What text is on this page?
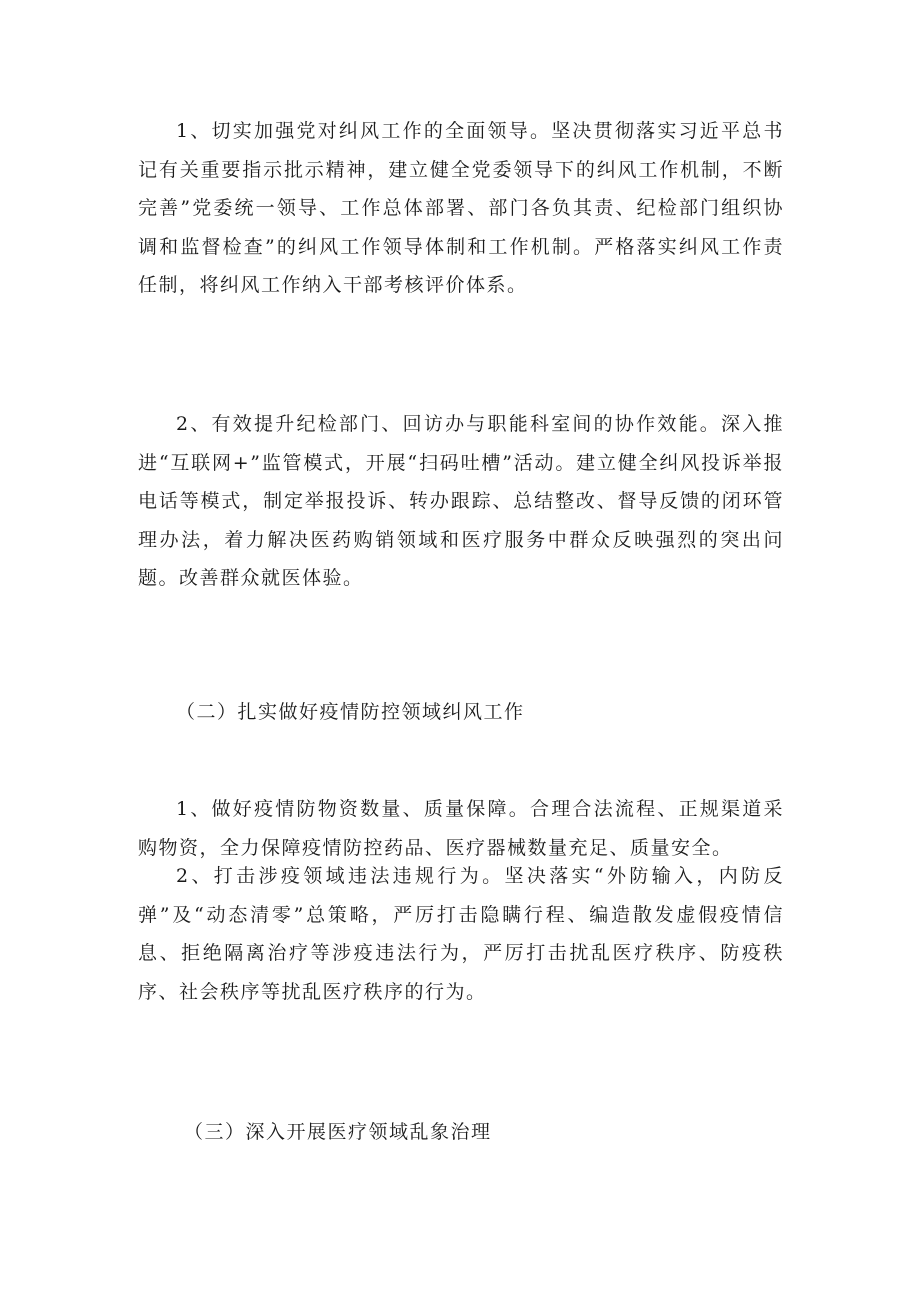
1、切实加强党对纠风工作的全面领导。坚决贯彻落实习近平总书记有关重要指示批示精神，建立健全党委领导下的纠风工作机制，不断完善”党委统一领导、工作总体部署、部门各负其责、纪检部门组织协调和监督检查”的纠风工作领导体制和工作机制。严格落实纠风工作责任制，将纠风工作纳入干部考核评价体系。

2、有效提升纪检部门、回访办与职能科室间的协作效能。深入推进“互联网+”监管模式，开展“扫码吐槽”活动。建立健全纠风投诉举报电话等模式，制定举报投诉、转办跟踪、总结整改、督导反馈的闭环管理办法，着力解决医药购销领域和医疗服务中群众反映强烈的突出问题。改善群众就医体验。

（二）扎实做好疫情防控领域纠风工作

1、做好疫情防物资数量、质量保障。合理合法流程、正规渠道采购物资，全力保障疫情防控药品、医疗器械数量充足、质量安全。

2、打击涉疫领域违法违规行为。坚决落实“外防输入，内防反弹”及“动态清零”总策略，严厉打击隐瞒行程、编造散发虚假疫情信息、拒绝隔离治疗等涉疫违法行为，严厉打击扰乱医疗秩序、防疫秩序、社会秩序等扰乱医疗秩序的行为。

（三）深入开展医疗领域乱象治理
